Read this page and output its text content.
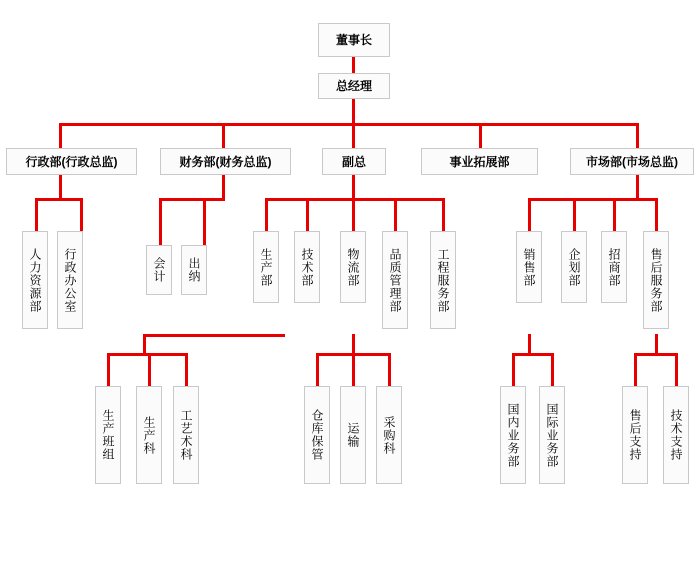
董事长
总经理
行政部(行政总监)	财务部(财务总监)	副总	事业拓展部	市场部(市场总监)
人力资源部 行政办公室	会计 出纳	生产部 技术部	物流部 品质管理部	工程服务部	销售部	企划部 招商部 售后服务部
生产班组 生产科 工艺术科	仓库保管 运输 采购科	国内业务部 国际业务部	售后支持 技术支持
